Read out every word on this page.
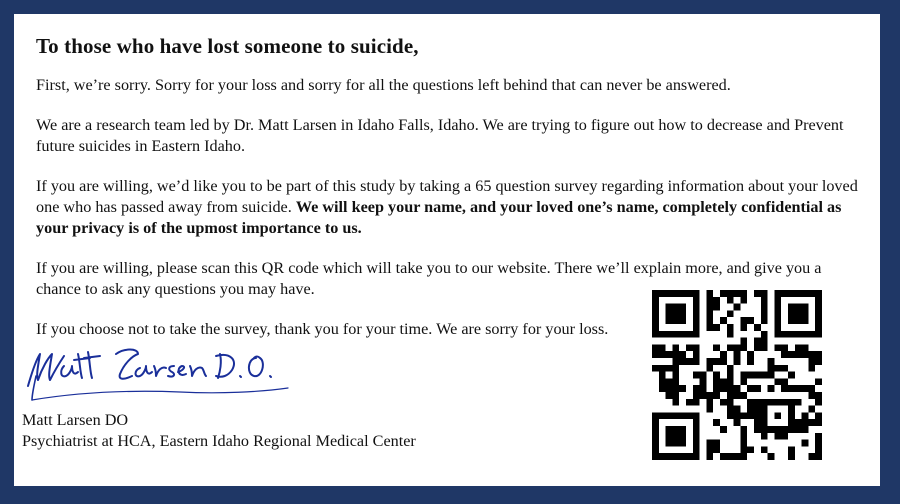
To those who have lost someone to suicide,

First, we’re sorry. Sorry for your loss and sorry for all the questions left behind that can never be answered.

We are a research team led by Dr. Matt Larsen in Idaho Falls, Idaho. We are trying to figure out how to decrease and Prevent future suicides in Eastern Idaho.

If you are willing, we’d like you to be part of this study by taking a 65 question survey regarding information about your loved one who has passed away from suicide. We will keep your name, and your loved one’s name, completely confidential as your privacy is of the upmost importance to us.

If you are willing, please scan this QR code which will take you to our website. There we’ll explain more, and give you a chance to ask any questions you may have.

If you choose not to take the survey, thank you for your time. We are sorry for your loss.

Matt Larsen DO
Psychiatrist at HCA, Eastern Idaho Regional Medical Center
